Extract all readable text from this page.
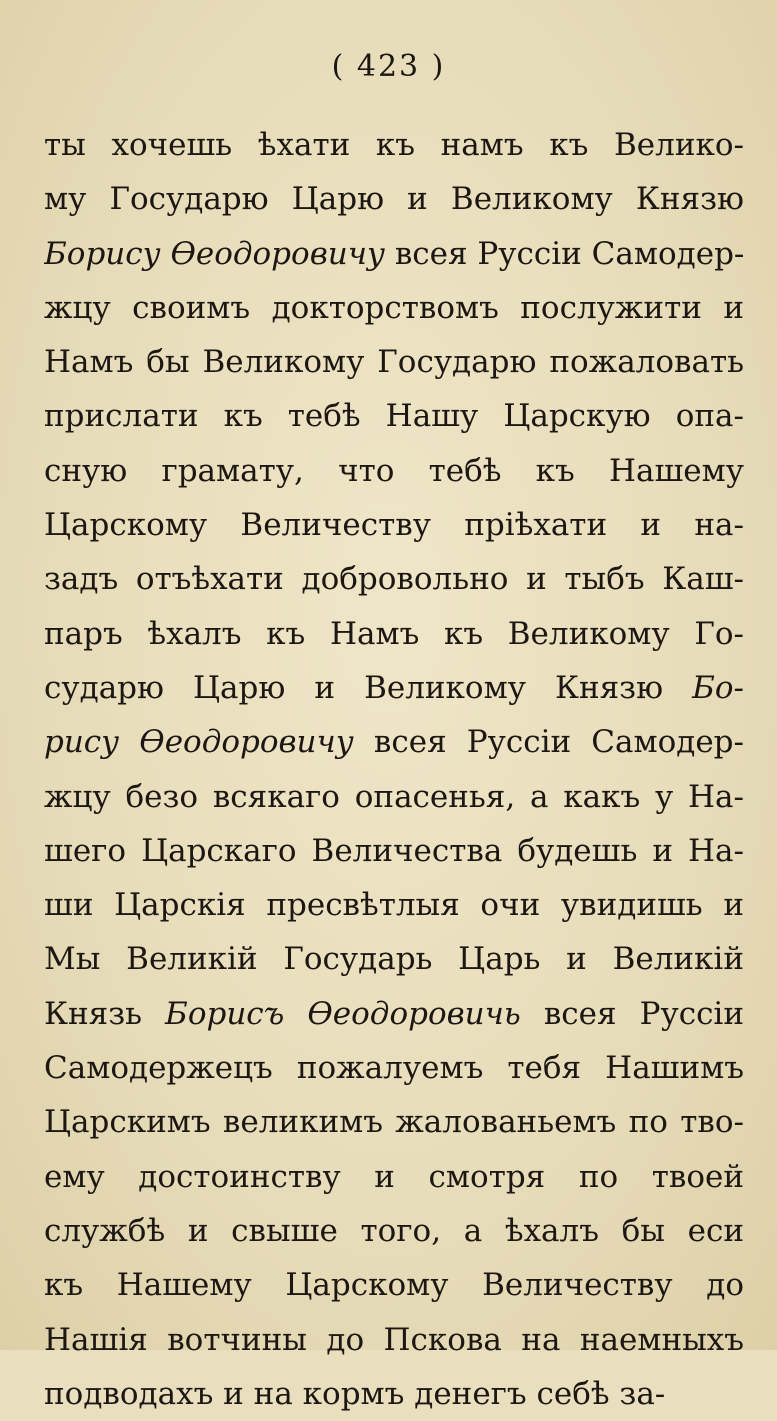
( 423 )
ты хочешь ѣхати къ намъ къ Велико-
му Государю Царю и Великому Князю
Борису Ѳеодоровичу всея Руссіи Самодер-
жцу своимъ докторствомъ послужити и
Намъ бы Великому Государю пожаловать
прислати къ тебѣ Нашу Царскую опа-
сную грамату, что тебѣ къ Нашему
Царскому Величеству пріѣхати и на-
задъ отъѣхати добровольно и тыбъ Каш-
паръ ѣхалъ къ Намъ къ Великому Го-
сударю Царю и Великому Князю Бо-
рису Ѳеодоровичу всея Руссіи Самодер-
жцу безо всякаго опасенья, а какъ у На-
шего Царскаго Величества будешь и На-
ши Царскія пресвѣтлыя очи увидишь и
Мы Великій Государь Царь и Великій
Князь Борисъ Ѳеодоровичь всея Руссіи
Самодержецъ пожалуемъ тебя Нашимъ
Царскимъ великимъ жалованьемъ по тво-
ему достоинству и смотря по твоей
службѣ и свыше того, а ѣхалъ бы еси
къ Нашему Царскому Величеству до
Нашія вотчины до Пскова на наемныхъ
подводахъ и на кормъ денегъ себѣ за-
